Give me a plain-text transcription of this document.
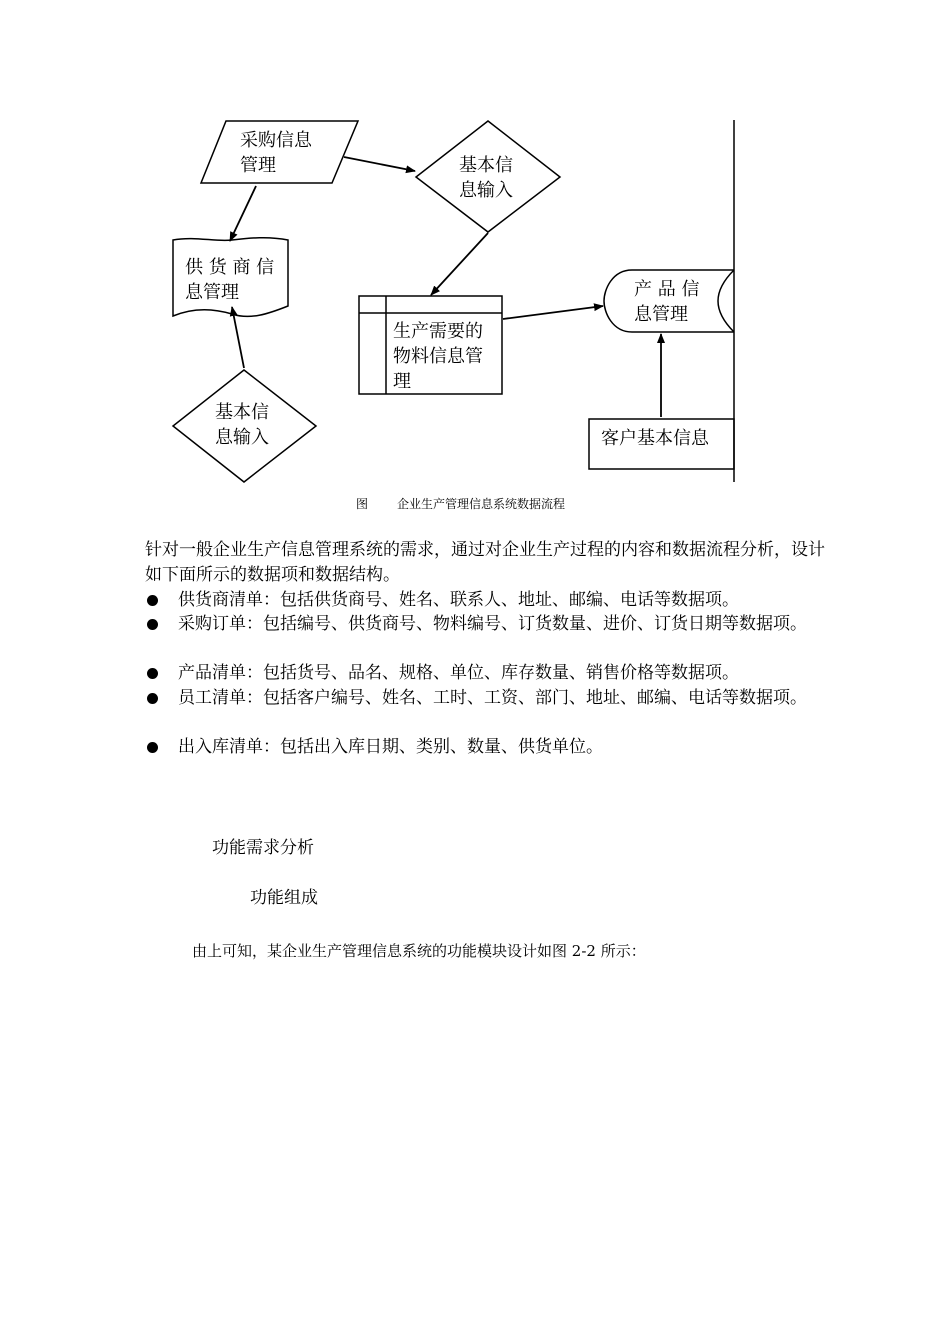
采购信息
管理	基本信
息输入
供 货 商 信
息管理
基本信
息输入
生产需要的
物料信息管
理
产 品 信
息管理
客户基本信息
图 企业生产管理信息系统数据流程
针对一般企业生产信息管理系统的需求，通过对企业生产过程的内容和数据流程分析，设计如下面所示的数据项和数据结构。
供货商清单：包括供货商号、姓名、联系人、地址、邮编、电话等数据项。
采购订单：包括编号、供货商号、物料编号、订货数量、进价、订货日期等数据项。
产品清单：包括货号、品名、规格、单位、库存数量、销售价格等数据项。
员工清单：包括客户编号、姓名、工时、工资、部门、地址、邮编、电话等数据项。
出入库清单：包括出入库日期、类别、数量、供货单位。
功能需求分析
功能组成
由上可知，某企业生产管理信息系统的功能模块设计如图 2-2 所示：
